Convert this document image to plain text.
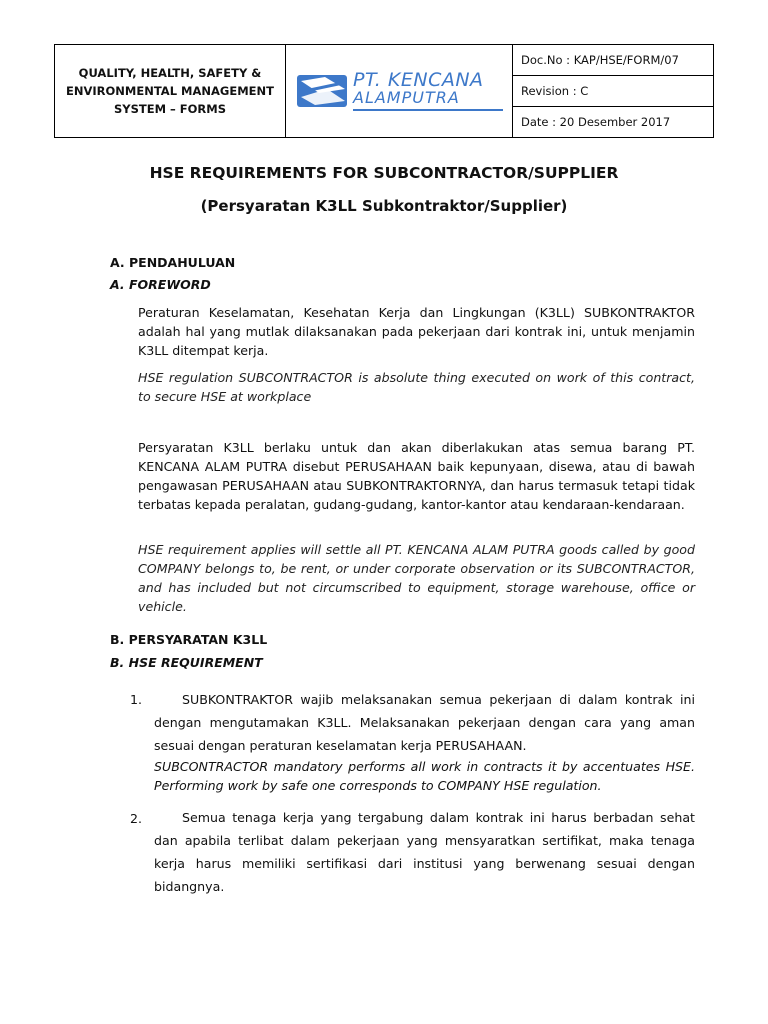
QUALITY, HEALTH, SAFETY & ENVIRONMENTAL MANAGEMENT SYSTEM – FORMS
PT. KENCANA
ALAMPUTRA
Doc.No : KAP/HSE/FORM/07
Revision : C
Date : 20 Desember 2017
HSE REQUIREMENTS FOR SUBCONTRACTOR/SUPPLIER
(Persyaratan K3LL Subkontraktor/Supplier)
A. PENDAHULUAN
A. FOREWORD
Peraturan Keselamatan, Kesehatan Kerja dan Lingkungan (K3LL) SUBKONTRAKTOR adalah hal yang mutlak dilaksanakan pada pekerjaan dari kontrak ini, untuk menjamin K3LL ditempat kerja.
HSE regulation SUBCONTRACTOR is absolute thing executed on work of this contract, to secure HSE at workplace
Persyaratan K3LL berlaku untuk dan akan diberlakukan atas semua barang PT. KENCANA ALAM PUTRA disebut PERUSAHAAN baik kepunyaan, disewa, atau di bawah pengawasan PERUSAHAAN atau SUBKONTRAKTORNYA, dan harus termasuk tetapi tidak terbatas kepada peralatan, gudang-gudang, kantor-kantor atau kendaraan-kendaraan.
HSE requirement applies will settle all PT. KENCANA ALAM PUTRA goods called by good COMPANY belongs to, be rent, or under corporate observation or its SUBCONTRACTOR, and has included but not circumscribed to equipment, storage warehouse, office or vehicle.
B. PERSYARATAN K3LL
B. HSE REQUIREMENT
1.	SUBKONTRAKTOR wajib melaksanakan semua pekerjaan di dalam kontrak ini dengan mengutamakan K3LL. Melaksanakan pekerjaan dengan cara yang aman sesuai dengan peraturan keselamatan kerja PERUSAHAAN.
SUBCONTRACTOR mandatory performs all work in contracts it by accentuates HSE. Performing work by safe one corresponds to COMPANY HSE regulation.
2.	Semua tenaga kerja yang tergabung dalam kontrak ini harus berbadan sehat dan apabila terlibat dalam pekerjaan yang mensyaratkan sertifikat, maka tenaga kerja harus memiliki sertifikasi dari institusi yang berwenang sesuai dengan bidangnya.
